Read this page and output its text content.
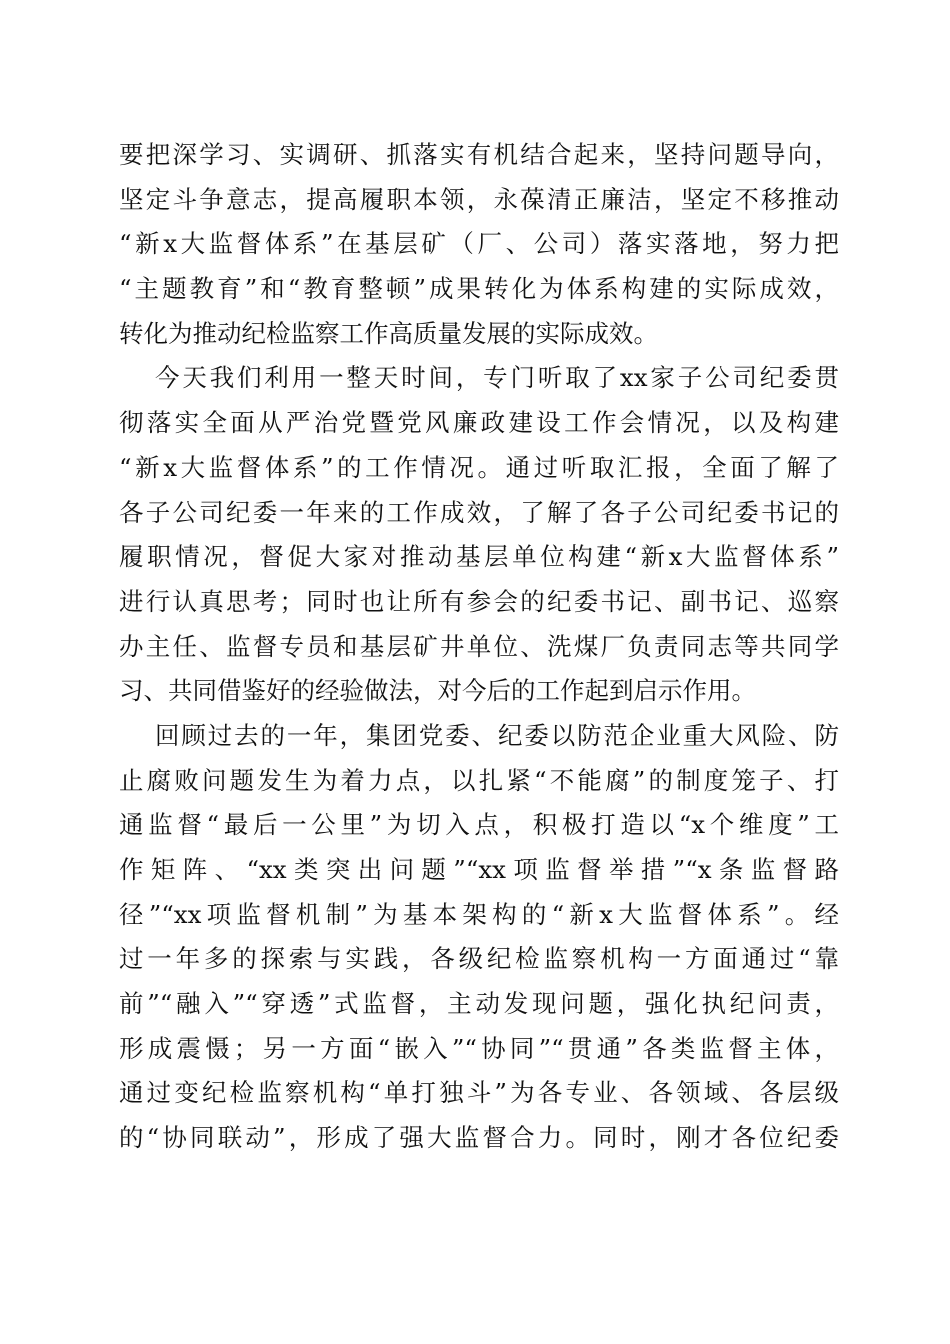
要把深学习、实调研、抓落实有机结合起来，坚持问题导向，
坚定斗争意志，提高履职本领，永葆清正廉洁，坚定不移推动
“新x大监督体系”在基层矿（厂、公司）落实落地，努力把
“主题教育”和“教育整顿”成果转化为体系构建的实际成效，
转化为推动纪检监察工作高质量发展的实际成效。
今天我们利用一整天时间，专门听取了xx家子公司纪委贯
彻落实全面从严治党暨党风廉政建设工作会情况，以及构建
“新x大监督体系”的工作情况。通过听取汇报，全面了解了
各子公司纪委一年来的工作成效，了解了各子公司纪委书记的
履职情况，督促大家对推动基层单位构建“新x大监督体系”
进行认真思考；同时也让所有参会的纪委书记、副书记、巡察
办主任、监督专员和基层矿井单位、洗煤厂负责同志等共同学
习、共同借鉴好的经验做法，对今后的工作起到启示作用。
回顾过去的一年，集团党委、纪委以防范企业重大风险、防
止腐败问题发生为着力点，以扎紧“不能腐”的制度笼子、打
通监督“最后一公里”为切入点，积极打造以“x个维度”工
作矩阵、“xx类突出问题”“xx项监督举措”“x条监督路
径”“xx项监督机制”为基本架构的“新x大监督体系”。经
过一年多的探索与实践，各级纪检监察机构一方面通过“靠
前”“融入”“穿透”式监督，主动发现问题，强化执纪问责，
形成震慑；另一方面“嵌入”“协同”“贯通”各类监督主体，
通过变纪检监察机构“单打独斗”为各专业、各领域、各层级
的“协同联动”，形成了强大监督合力。同时，刚才各位纪委
